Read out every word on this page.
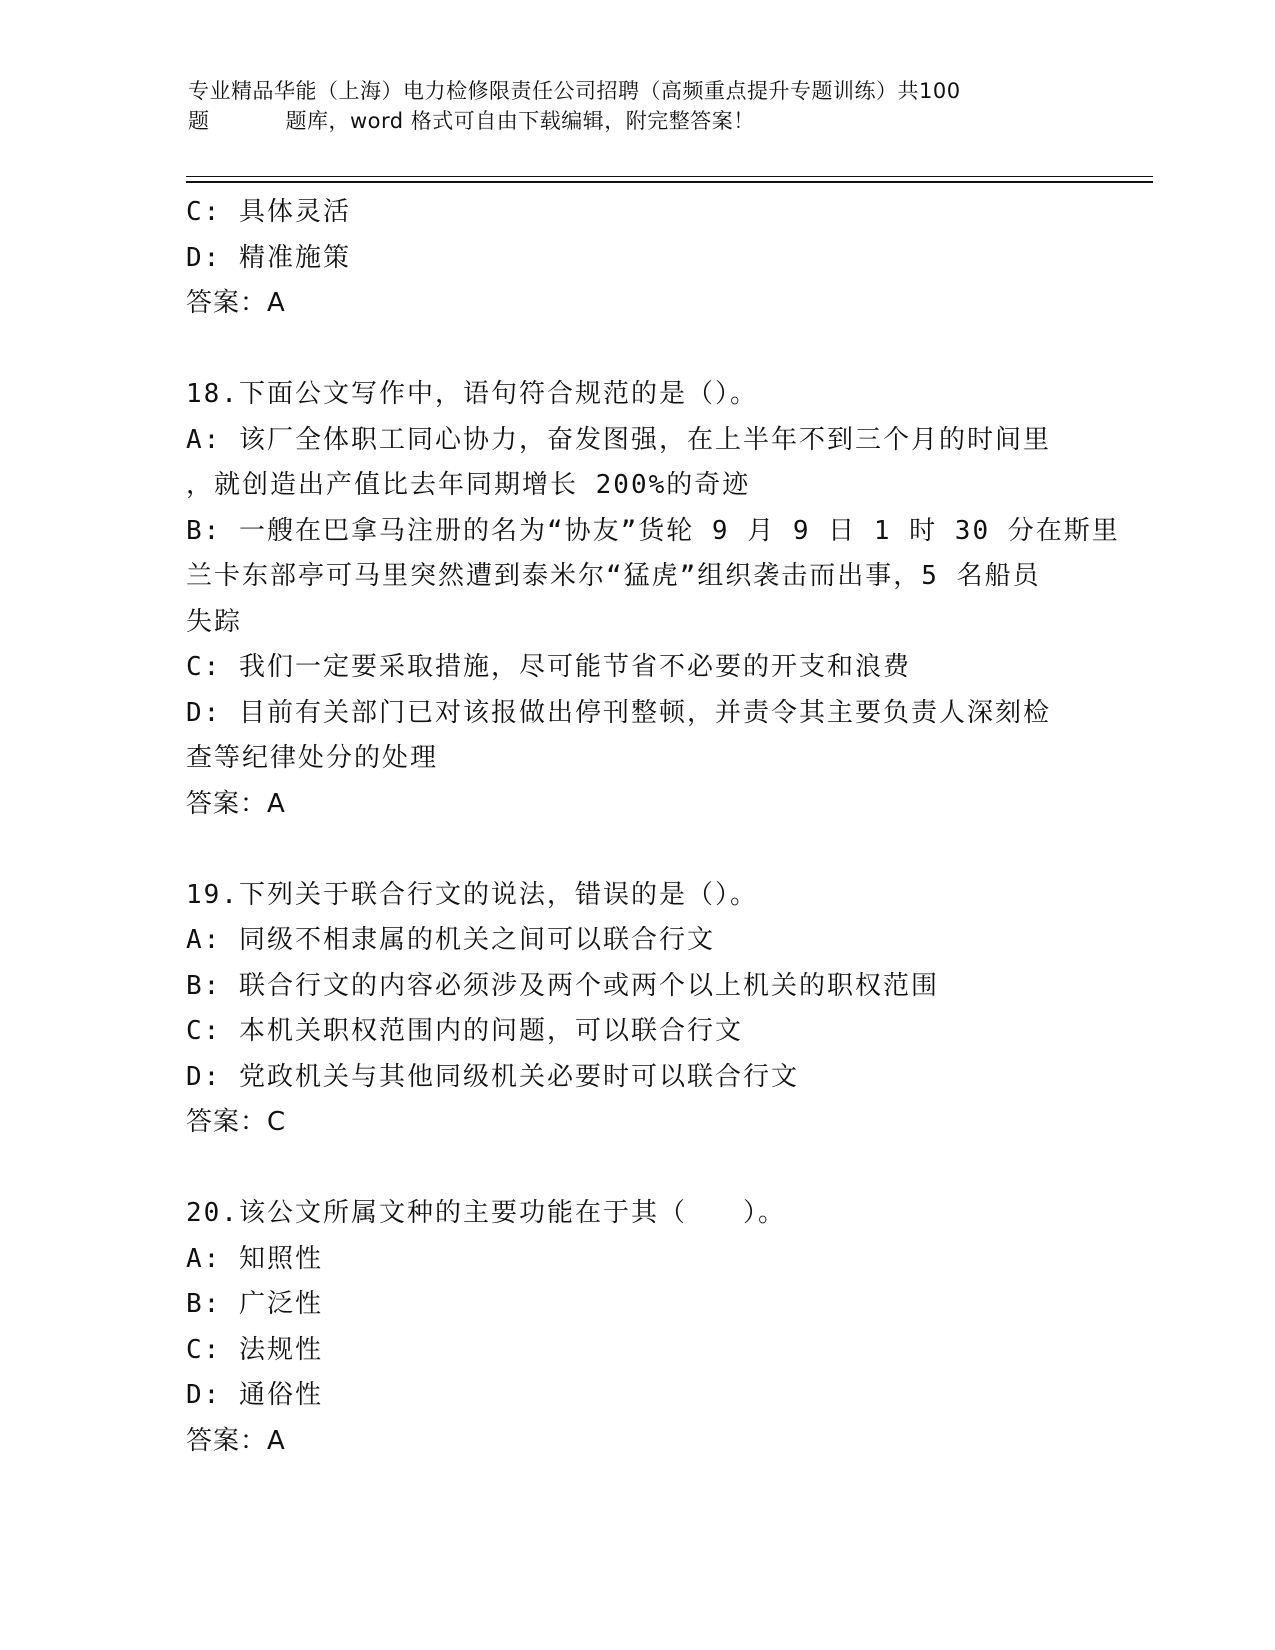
专业精品华能（上海）电力检修限责任公司招聘（高频重点提升专题训练）共100
题	题库，word 格式可自由下载编辑，附完整答案！
C: 具体灵活
D: 精准施策
答案：A
18.下面公文写作中，语句符合规范的是（）。
A: 该厂全体职工同心协力，奋发图强，在上半年不到三个月的时间里
，就创造出产值比去年同期增长 200%的奇迹
B: 一艘在巴拿马注册的名为“协友”货轮 9 月 9 日 1 时 30 分在斯里
兰卡东部亭可马里突然遭到泰米尔“猛虎”组织袭击而出事，5 名船员
失踪
C: 我们一定要采取措施，尽可能节省不必要的开支和浪费
D: 目前有关部门已对该报做出停刊整顿，并责令其主要负责人深刻检
查等纪律处分的处理
答案：A
19.下列关于联合行文的说法，错误的是（）。
A: 同级不相隶属的机关之间可以联合行文
B: 联合行文的内容必须涉及两个或两个以上机关的职权范围
C: 本机关职权范围内的问题，可以联合行文
D: 党政机关与其他同级机关必要时可以联合行文
答案：C
20.该公文所属文种的主要功能在于其（　　）。
A: 知照性
B: 广泛性
C: 法规性
D: 通俗性
答案：A
